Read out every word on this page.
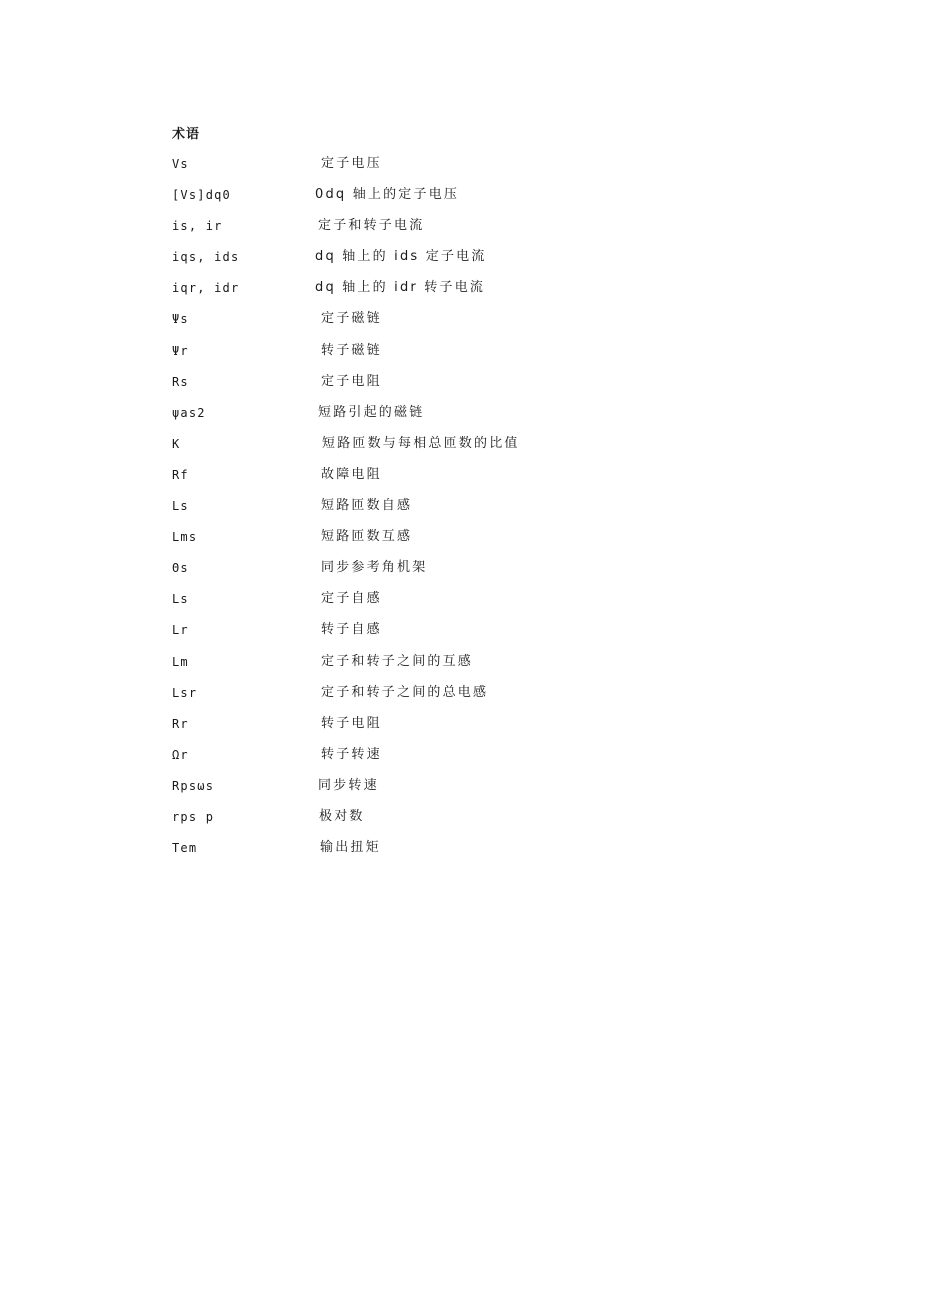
术语
Vs	定子电压
[Vs]dq0	0dq 轴上的定子电压
is, ir	定子和转子电流
iqs, ids	dq 轴上的 ids 定子电流
iqr, idr	dq 轴上的 idr 转子电流
Ψs	定子磁链
Ψr	转子磁链
Rs	定子电阻
ψas2	短路引起的磁链
K	短路匝数与每相总匝数的比值
Rf	故障电阻
Ls	短路匝数自感
Lms	短路匝数互感
Θs	同步参考角机架
Ls	定子自感
Lr	转子自感
Lm	定子和转子之间的互感
Lsr	定子和转子之间的总电感
Rr	转子电阻
Ωr	转子转速
Rpsωs	同步转速
rps p	极对数
Tem	输出扭矩
